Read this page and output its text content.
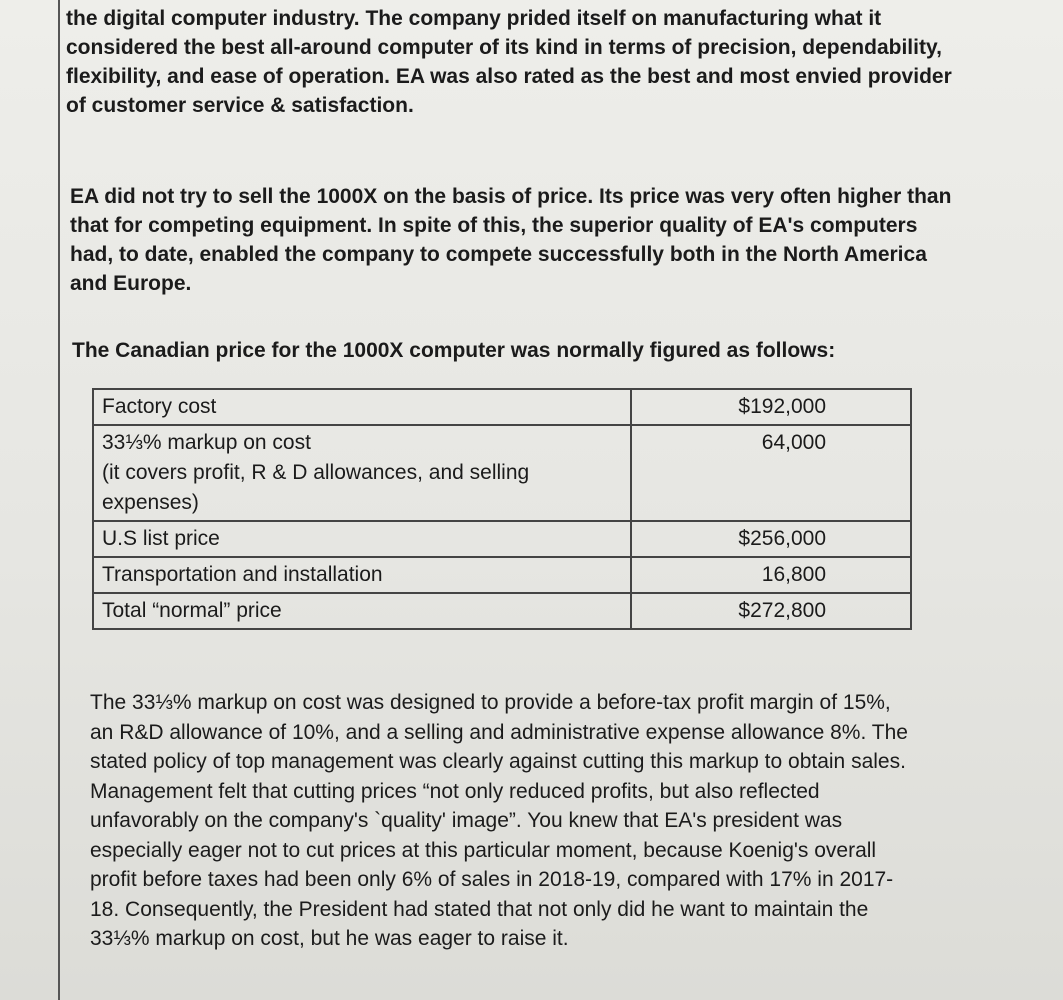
the digital computer industry. The company prided itself on manufacturing what it
considered the best all-around computer of its kind in terms of precision, dependability,
flexibility, and ease of operation. EA was also rated as the best and most envied provider
of customer service & satisfaction.

EA did not try to sell the 1000X on the basis of price. Its price was very often higher than
that for competing equipment. In spite of this, the superior quality of EA's computers
had, to date, enabled the company to compete successfully both in the North America
and Europe.

The Canadian price for the 1000X computer was normally figured as follows:

Factory cost	$192,000
33⅓% markup on cost
(it covers profit, R & D allowances, and selling expenses)	64,000
U.S list price	$256,000
Transportation and installation	16,800
Total “normal” price	$272,800

The 33⅓% markup on cost was designed to provide a before-tax profit margin of 15%,
an R&D allowance of 10%, and a selling and administrative expense allowance 8%. The
stated policy of top management was clearly against cutting this markup to obtain sales.
Management felt that cutting prices “not only reduced profits, but also reflected
unfavorably on the company's `quality' image”. You knew that EA's president was
especially eager not to cut prices at this particular moment, because Koenig's overall
profit before taxes had been only 6% of sales in 2018-19, compared with 17% in 2017-
18. Consequently, the President had stated that not only did he want to maintain the
33⅓% markup on cost, but he was eager to raise it.
